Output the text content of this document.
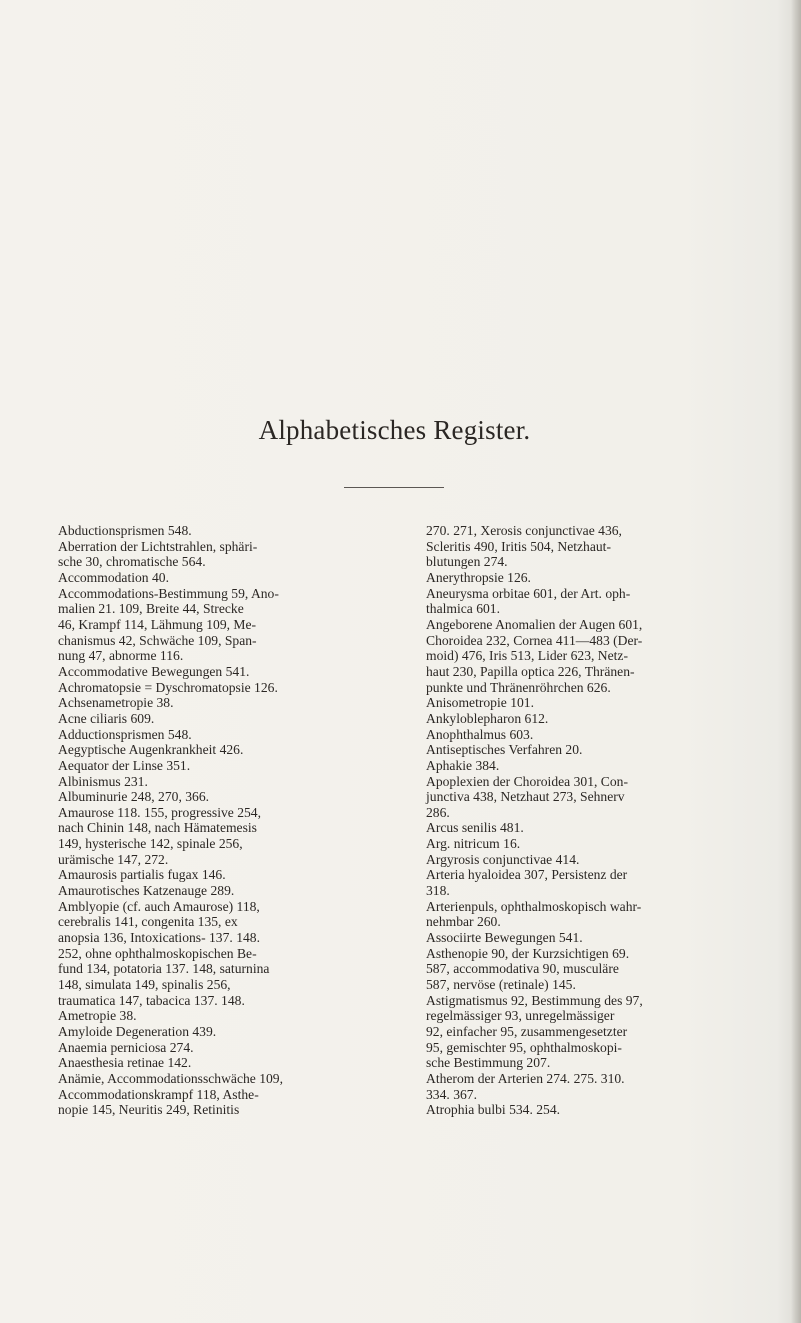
Alphabetisches Register.
Abductionsprismen 548.
Aberration der Lichtstrahlen, sphäri-
sche 30, chromatische 564.
Accommodation 40.
Accommodations-Bestimmung 59, Ano-
malien 21. 109, Breite 44, Strecke
46, Krampf 114, Lähmung 109, Me-
chanismus 42, Schwäche 109, Span-
nung 47, abnorme 116.
Accommodative Bewegungen 541.
Achromatopsie = Dyschromatopsie 126.
Achsenametropie 38.
Acne ciliaris 609.
Adductionsprismen 548.
Aegyptische Augenkrankheit 426.
Aequator der Linse 351.
Albinismus 231.
Albuminurie 248, 270, 366.
Amaurose 118. 155, progressive 254,
nach Chinin 148, nach Hämatemesis
149, hysterische 142, spinale 256,
urämische 147, 272.
Amaurosis partialis fugax 146.
Amaurotisches Katzenauge 289.
Amblyopie (cf. auch Amaurose) 118,
cerebralis 141, congenita 135, ex
anopsia 136, Intoxications- 137. 148.
252, ohne ophthalmoskopischen Be-
fund 134, potatoria 137. 148, saturnina
148, simulata 149, spinalis 256,
traumatica 147, tabacica 137. 148.
Ametropie 38.
Amyloide Degeneration 439.
Anaemia perniciosa 274.
Anaesthesia retinae 142.
Anämie, Accommodationsschwäche 109,
Accommodationskrampf 118, Asthe-
nopie 145, Neuritis 249, Retinitis
270. 271, Xerosis conjunctivae 436,
Scleritis 490, Iritis 504, Netzhaut-
blutungen 274.
Anerythropsie 126.
Aneurysma orbitae 601, der Art. oph-
thalmica 601.
Angeborene Anomalien der Augen 601,
Choroidea 232, Cornea 411—483 (Der-
moid) 476, Iris 513, Lider 623, Netz-
haut 230, Papilla optica 226, Thränen-
punkte und Thränenröhrchen 626.
Anisometropie 101.
Ankyloblepharon 612.
Anophthalmus 603.
Antiseptisches Verfahren 20.
Aphakie 384.
Apoplexien der Choroidea 301, Con-
junctiva 438, Netzhaut 273, Sehnerv
286.
Arcus senilis 481.
Arg. nitricum 16.
Argyrosis conjunctivae 414.
Arteria hyaloidea 307, Persistenz der
318.
Arterienpuls, ophthalmoskopisch wahr-
nehmbar 260.
Associirte Bewegungen 541.
Asthenopie 90, der Kurzsichtigen 69.
587, accommodativa 90, musculäre
587, nervöse (retinale) 145.
Astigmatismus 92, Bestimmung des 97,
regelmässiger 93, unregelmässiger
92, einfacher 95, zusammengesetzter
95, gemischter 95, ophthalmoskopi-
sche Bestimmung 207.
Atherom der Arterien 274. 275. 310.
334. 367.
Atrophia bulbi 534. 254.
